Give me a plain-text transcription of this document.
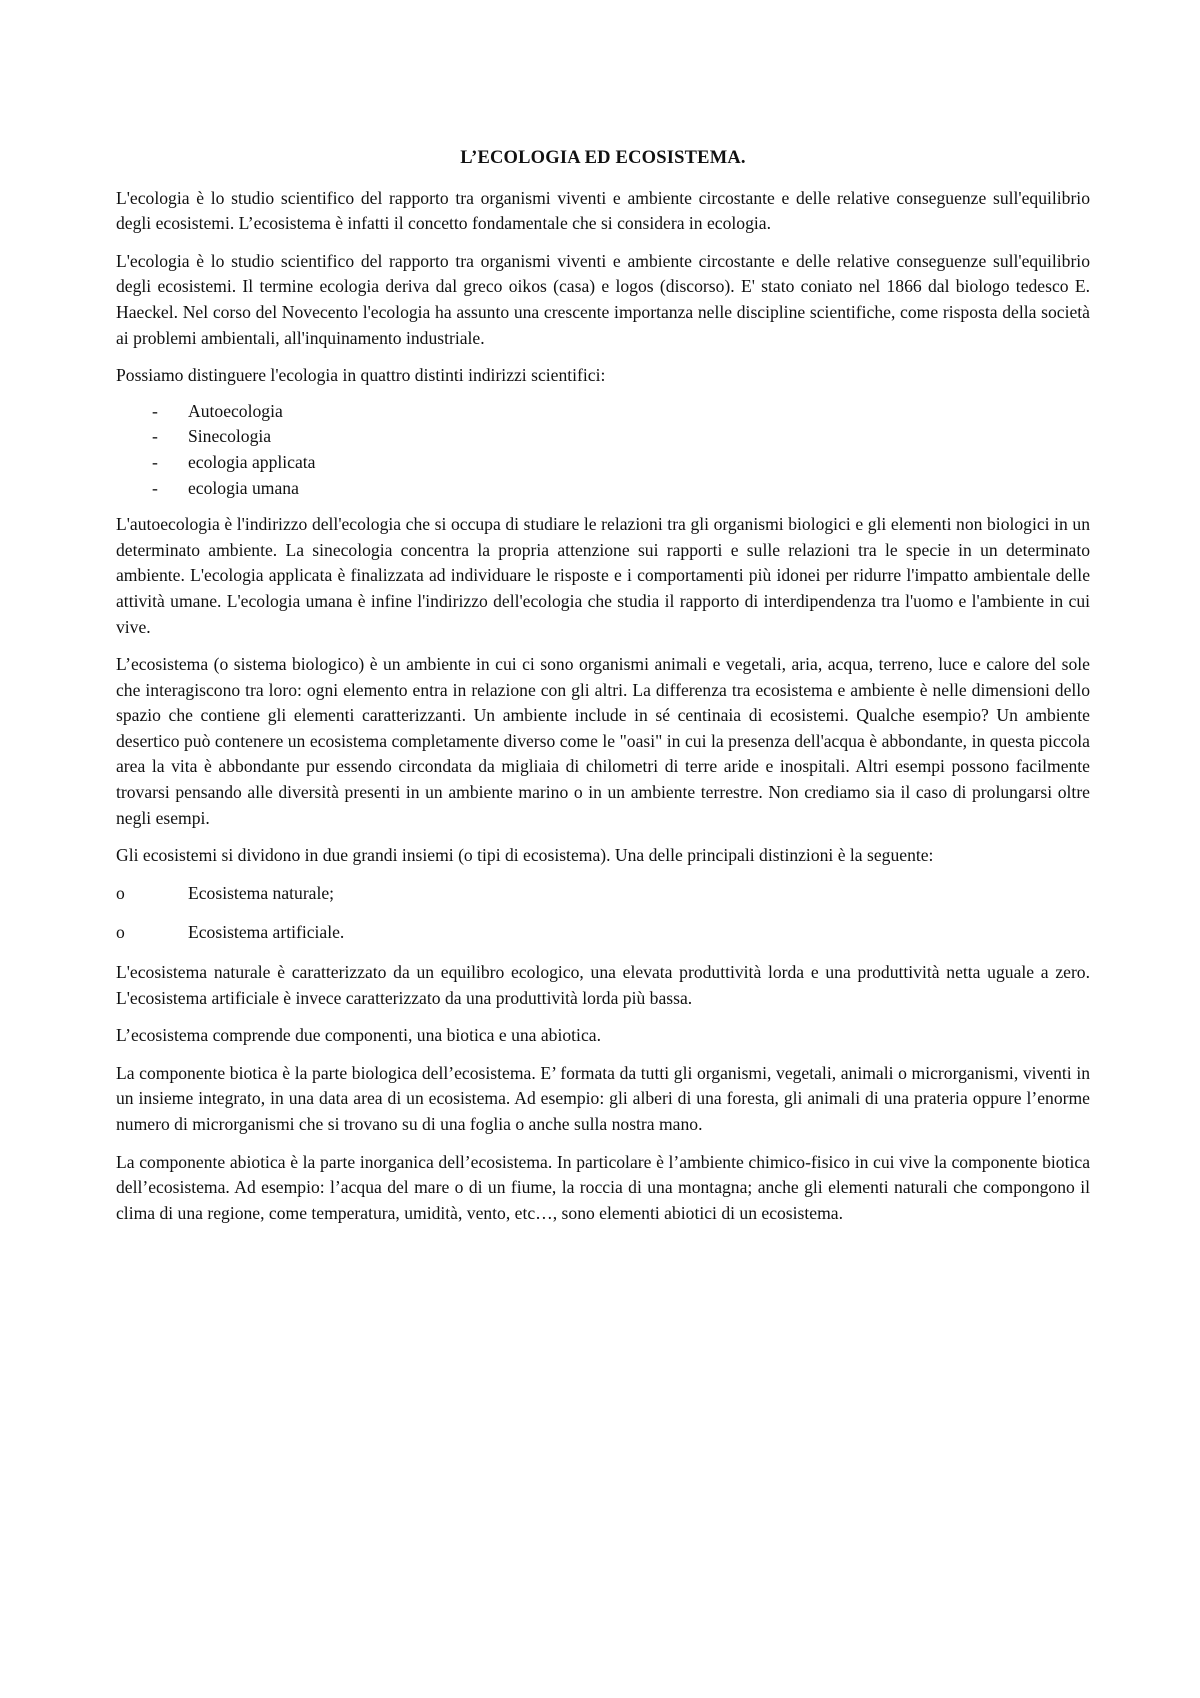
L’ECOLOGIA ED ECOSISTEMA.

L'ecologia è lo studio scientifico del rapporto tra organismi viventi e ambiente circostante e delle relative conseguenze sull'equilibrio degli ecosistemi. L’ecosistema è infatti il concetto fondamentale che si considera in ecologia.

L'ecologia è lo studio scientifico del rapporto tra organismi viventi e ambiente circostante e delle relative conseguenze sull'equilibrio degli ecosistemi. Il termine ecologia deriva dal greco oikos (casa) e logos (discorso). E' stato coniato nel 1866 dal biologo tedesco E. Haeckel. Nel corso del Novecento l'ecologia ha assunto una crescente importanza nelle discipline scientifiche, come risposta della società ai problemi ambientali, all'inquinamento industriale.

Possiamo distinguere l'ecologia in quattro distinti indirizzi scientifici:

- Autoecologia
- Sinecologia
- ecologia applicata
- ecologia umana

L'autoecologia è l'indirizzo dell'ecologia che si occupa di studiare le relazioni tra gli organismi biologici e gli elementi non biologici in un determinato ambiente. La sinecologia concentra la propria attenzione sui rapporti e sulle relazioni tra le specie in un determinato ambiente. L'ecologia applicata è finalizzata ad individuare le risposte e i comportamenti più idonei per ridurre l'impatto ambientale delle attività umane. L'ecologia umana è infine l'indirizzo dell'ecologia che studia il rapporto di interdipendenza tra l'uomo e l'ambiente in cui vive.

L’ecosistema (o sistema biologico) è un ambiente in cui ci sono organismi animali e vegetali, aria, acqua, terreno, luce e calore del sole che interagiscono tra loro: ogni elemento entra in relazione con gli altri. La differenza tra ecosistema e ambiente è nelle dimensioni dello spazio che contiene gli elementi caratterizzanti. Un ambiente include in sé centinaia di ecosistemi. Qualche esempio? Un ambiente desertico può contenere un ecosistema completamente diverso come le "oasi" in cui la presenza dell'acqua è abbondante, in questa piccola area la vita è abbondante pur essendo circondata da migliaia di chilometri di terre aride e inospitali. Altri esempi possono facilmente trovarsi pensando alle diversità presenti in un ambiente marino o in un ambiente terrestre. Non crediamo sia il caso di prolungarsi oltre negli esempi.

Gli ecosistemi si dividono in due grandi insiemi (o tipi di ecosistema). Una delle principali distinzioni è la seguente:

o	Ecosistema naturale;
o	Ecosistema artificiale.

L'ecosistema naturale è caratterizzato da un equilibro ecologico, una elevata produttività lorda e una produttività netta uguale a zero. L'ecosistema artificiale è invece caratterizzato da una produttività lorda più bassa.

L’ecosistema comprende due componenti, una biotica e una abiotica.

La componente biotica è la parte biologica dell’ecosistema. E’ formata da tutti gli organismi, vegetali, animali o microrganismi, viventi in un insieme integrato, in una data area di un ecosistema. Ad esempio: gli alberi di una foresta, gli animali di una prateria oppure l’enorme numero di microrganismi che si trovano su di una foglia o anche sulla nostra mano.

La componente abiotica è la parte inorganica dell’ecosistema. In particolare è l’ambiente chimico-fisico in cui vive la componente biotica dell’ecosistema. Ad esempio: l’acqua del mare o di un fiume, la roccia di una montagna; anche gli elementi naturali che compongono il clima di una regione, come temperatura, umidità, vento, etc…, sono elementi abiotici di un ecosistema.
